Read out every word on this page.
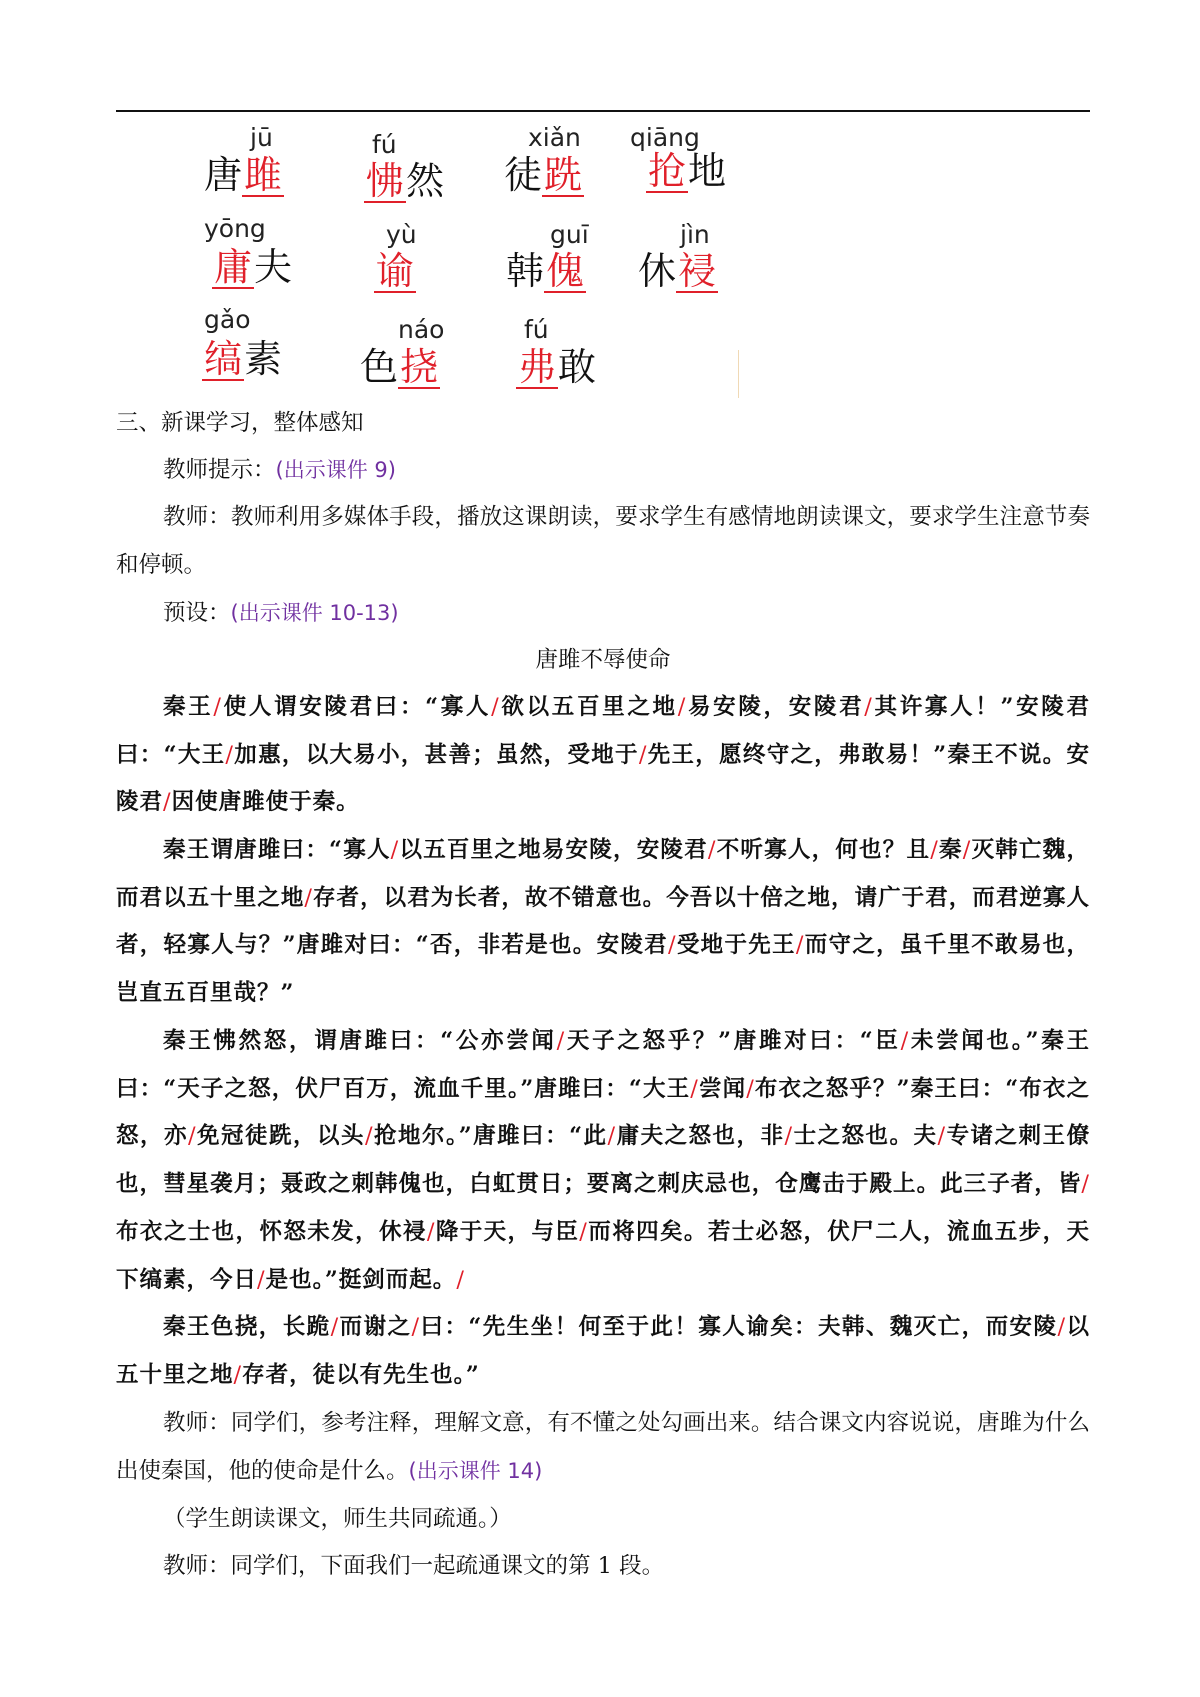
jū
唐雎
fú
怫然
xiǎn
徒跣
qiāng
抢地
yōng
庸夫
yù
谕
guī
韩傀
jìn
休祲
gǎo
缟素
náo
色挠
fú
弗敢
三、新课学习，整体感知
教师提示：(出示课件 9)
教师：教师利用多媒体手段，播放这课朗读，要求学生有感情地朗读课文，要求学生注意节奏和停顿。
预设：(出示课件 10-13)
唐雎不辱使命
秦王/使人谓安陵君曰：“寡人/欲以五百里之地/易安陵，安陵君/其许寡人！”安陵君曰：“大王/加惠，以大易小，甚善；虽然，受地于/先王，愿终守之，弗敢易！”秦王不说。安陵君/因使唐雎使于秦。
秦王谓唐雎曰：“寡人/以五百里之地易安陵，安陵君/不听寡人，何也？且/秦/灭韩亡魏，而君以五十里之地/存者，以君为长者，故不错意也。今吾以十倍之地，请广于君，而君逆寡人者，轻寡人与？”唐雎对曰：“否，非若是也。安陵君/受地于先王/而守之，虽千里不敢易也，岂直五百里哉？”
秦王怫然怒，谓唐雎曰：“公亦尝闻/天子之怒乎？”唐雎对曰：“臣/未尝闻也。”秦王曰：“天子之怒，伏尸百万，流血千里。”唐雎曰：“大王/尝闻/布衣之怒乎？”秦王曰：“布衣之怒，亦/免冠徒跣，以头/抢地尔。”唐雎曰：“此/庸夫之怒也，非/士之怒也。夫/专诸之刺王僚也，彗星袭月；聂政之刺韩傀也，白虹贯日；要离之刺庆忌也，仓鹰击于殿上。此三子者，皆/布衣之士也，怀怒未发，休祲/降于天，与臣/而将四矣。若士必怒，伏尸二人，流血五步，天下缟素，今日/是也。”挺剑而起。/
秦王色挠，长跪/而谢之/曰：“先生坐！何至于此！寡人谕矣：夫韩、魏灭亡，而安陵/以五十里之地/存者，徒以有先生也。”
教师：同学们，参考注释，理解文意，有不懂之处勾画出来。结合课文内容说说，唐雎为什么出使秦国，他的使命是什么。(出示课件 14)
（学生朗读课文，师生共同疏通。）
教师：同学们，下面我们一起疏通课文的第 1 段。
